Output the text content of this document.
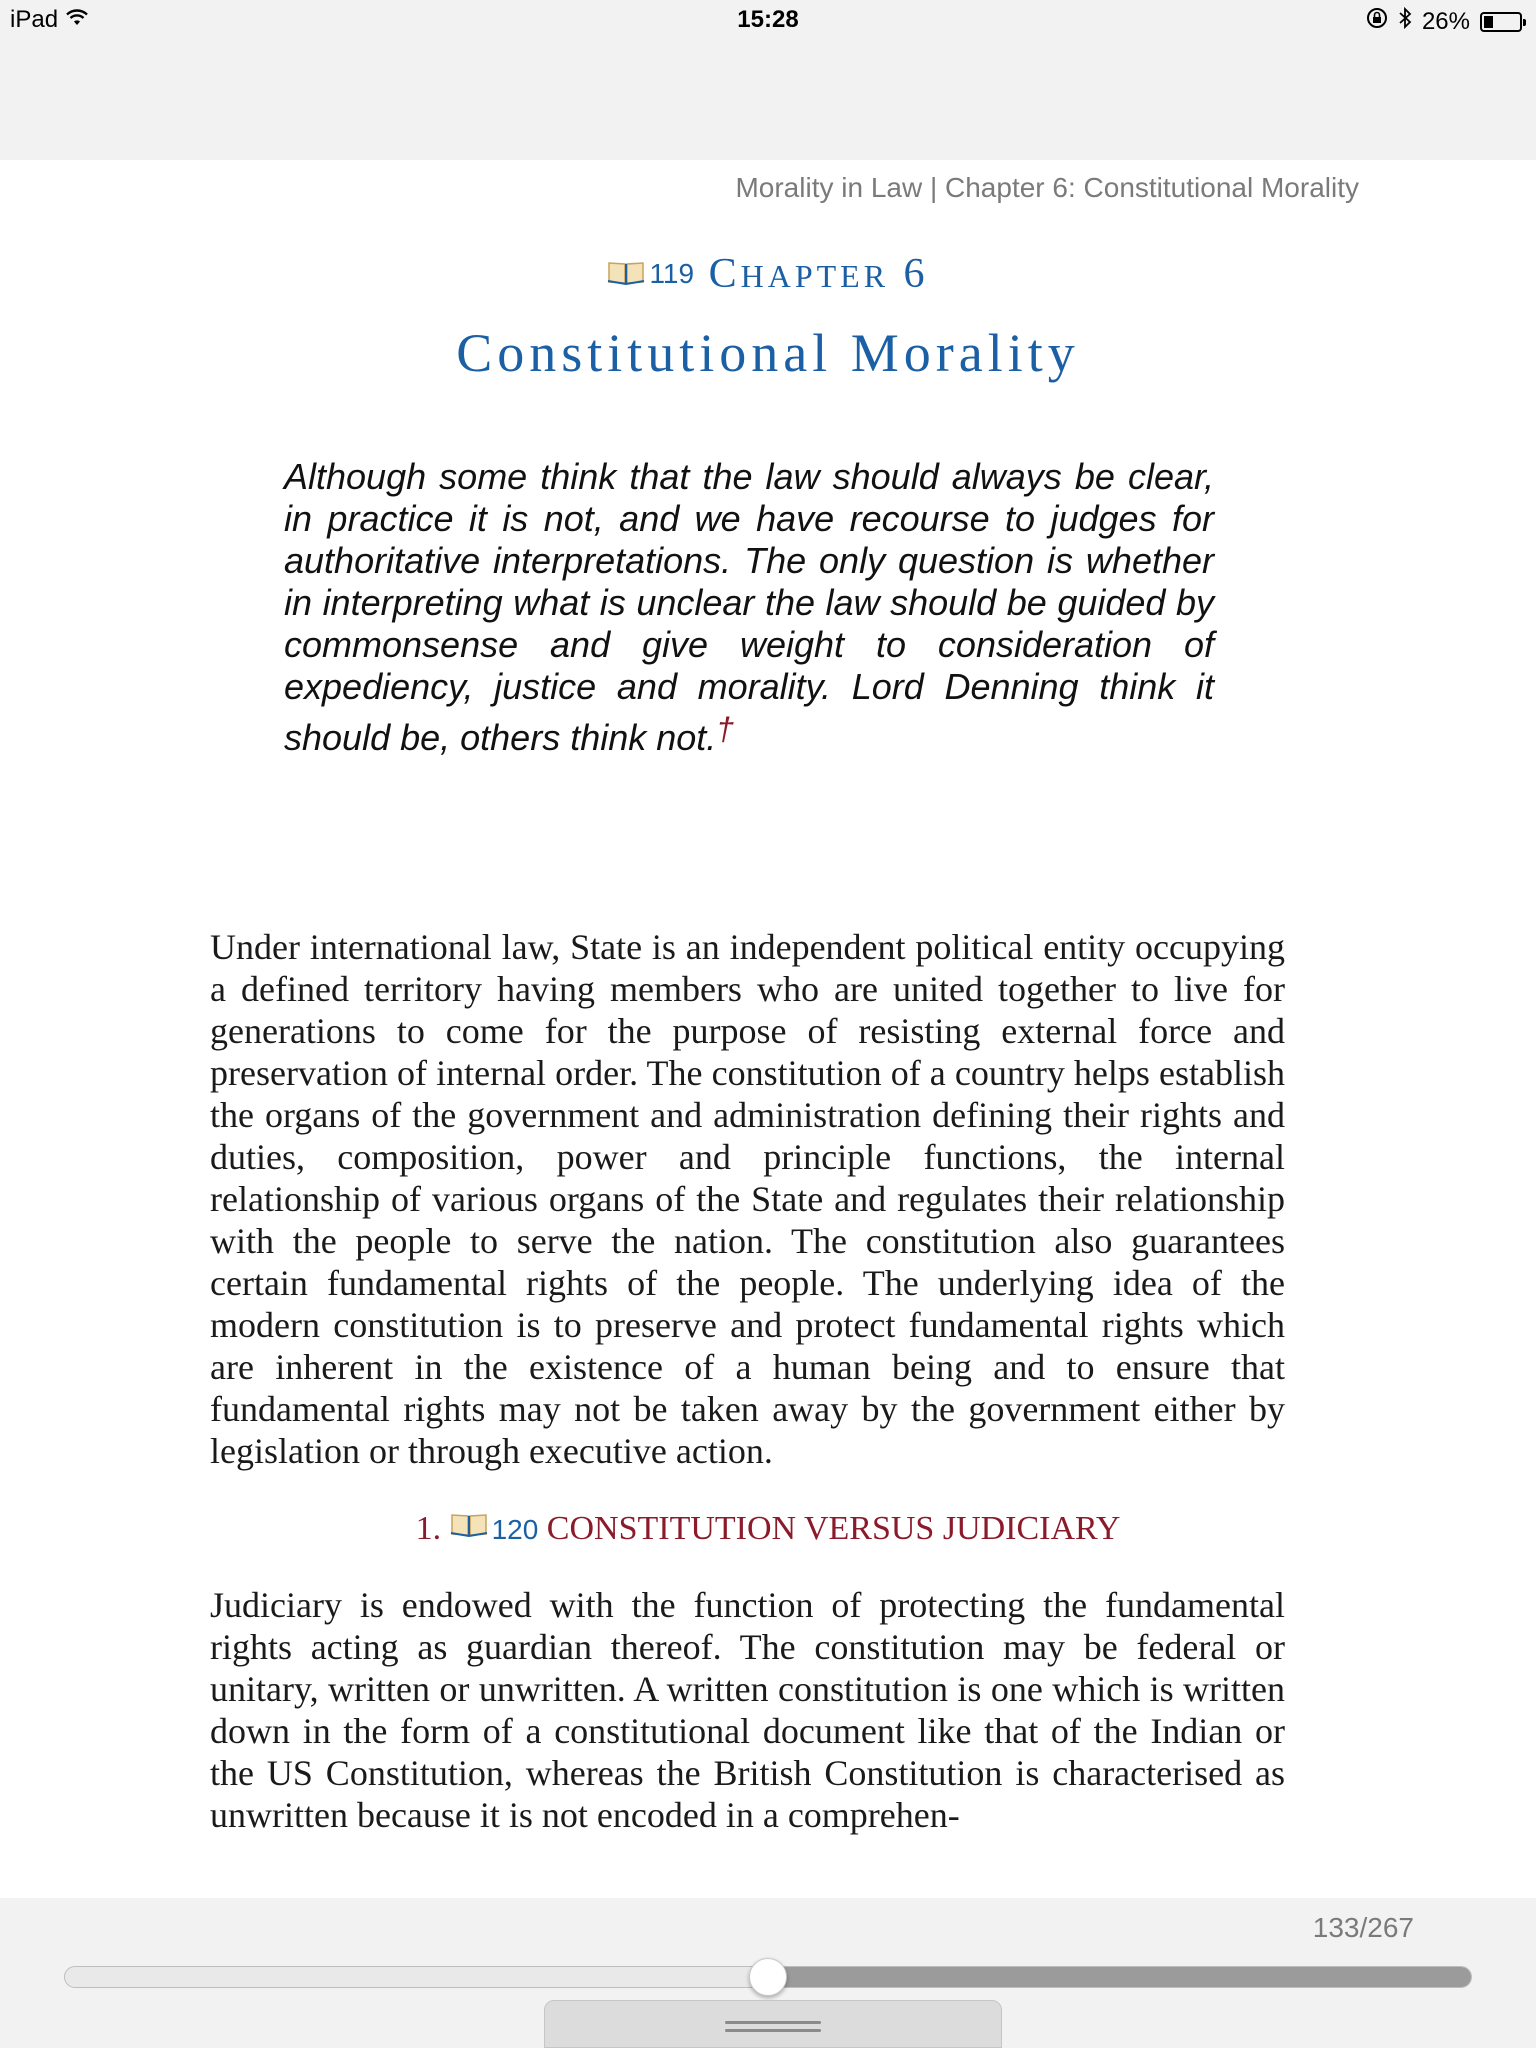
iPad	15:28	26%
Morality in Law | Chapter 6: Constitutional Morality
119 CHAPTER 6
Constitutional Morality
Although some think that the law should always be clear, in practice it is not, and we have recourse to judges for authoritative interpretations. The only question is whether in interpreting what is unclear the law should be guided by commonsense and give weight to consideration of expediency, justice and morality. Lord Denning think it should be, others think not.†
Under international law, State is an independent political entity occupying a defined territory having members who are united together to live for generations to come for the purpose of resisting external force and preservation of internal order. The constitution of a country helps establish the organs of the government and administration defining their rights and duties, composition, power and principle functions, the internal relationship of various organs of the State and regulates their relationship with the people to serve the nation. The constitution also guarantees certain fundamental rights of the people. The underlying idea of the modern constitution is to preserve and protect fundamental rights which are inherent in the existence of a human being and to ensure that fundamental rights may not be taken away by the government either by legislation or through executive action.
1. 120 CONSTITUTION VERSUS JUDICIARY
Judiciary is endowed with the function of protecting the fundamental rights acting as guardian thereof. The constitution may be federal or unitary, written or unwritten. A written constitution is one which is written down in the form of a constitutional document like that of the Indian or the US Constitution, whereas the British Constitution is characterised as unwritten because it is not encoded in a comprehen-
133/267
